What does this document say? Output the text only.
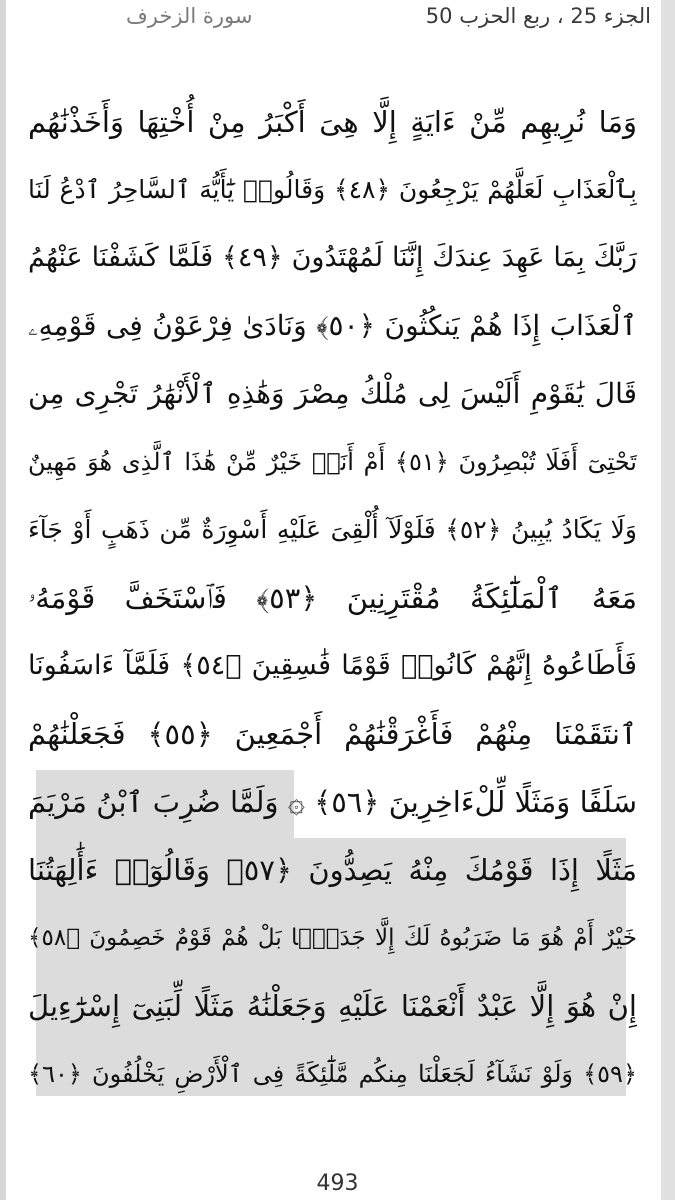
الجزء 25 ، ربع الحزب 50
سورة الزخرف
وَمَا نُرِيهِم مِّنْ ءَايَةٍ إِلَّا هِىَ أَكْبَرُ مِنْ أُخْتِهَا وَأَخَذْنَٰهُم
بِٱلْعَذَابِ لَعَلَّهُمْ يَرْجِعُونَ ﴿٤٨﴾ وَقَالُوا۟ يَٰٓأَيُّهَ ٱلسَّاحِرُ ٱدْعُ لَنَا
رَبَّكَ بِمَا عَهِدَ عِندَكَ إِنَّنَا لَمُهْتَدُونَ ﴿٤٩﴾ فَلَمَّا كَشَفْنَا عَنْهُمُ
ٱلْعَذَابَ إِذَا هُمْ يَنكُثُونَ ﴿٥٠﴾ وَنَادَىٰ فِرْعَوْنُ فِى قَوْمِهِۦ
قَالَ يَٰقَوْمِ أَلَيْسَ لِى مُلْكُ مِصْرَ وَهَٰذِهِ ٱلْأَنْهَٰرُ تَجْرِى مِن
تَحْتِىٓ أَفَلَا تُبْصِرُونَ ﴿٥١﴾ أَمْ أَنَا۠ خَيْرٌ مِّنْ هَٰذَا ٱلَّذِى هُوَ مَهِينٌ
وَلَا يَكَادُ يُبِينُ ﴿٥٢﴾ فَلَوْلَآ أُلْقِىَ عَلَيْهِ أَسْوِرَةٌ مِّن ذَهَبٍ أَوْ جَآءَ
مَعَهُ ٱلْمَلَٰٓئِكَةُ مُقْتَرِنِينَ ﴿٥٣﴾ فَٱسْتَخَفَّ قَوْمَهُۥ
فَأَطَاعُوهُ إِنَّهُمْ كَانُوا۟ قَوْمًا فَٰسِقِينَ ﴿٥٤﴾ فَلَمَّآ ءَاسَفُونَا
ٱنتَقَمْنَا مِنْهُمْ فَأَغْرَقْنَٰهُمْ أَجْمَعِينَ ﴿٥٥﴾ فَجَعَلْنَٰهُمْ
سَلَفًا وَمَثَلًا لِّلْءَاخِرِينَ ﴿٥٦﴾ ۞ وَلَمَّا ضُرِبَ ٱبْنُ مَرْيَمَ
مَثَلًا إِذَا قَوْمُكَ مِنْهُ يَصِدُّونَ ﴿٥٧﴾ وَقَالُوٓا۟ ءَأَٰلِهَتُنَا
خَيْرٌ أَمْ هُوَ مَا ضَرَبُوهُ لَكَ إِلَّا جَدَلًۢا بَلْ هُمْ قَوْمٌ خَصِمُونَ ﴿٥٨﴾
إِنْ هُوَ إِلَّا عَبْدٌ أَنْعَمْنَا عَلَيْهِ وَجَعَلْنَٰهُ مَثَلًا لِّبَنِىٓ إِسْرَٰٓءِيلَ
﴿٥٩﴾ وَلَوْ نَشَآءُ لَجَعَلْنَا مِنكُم مَّلَٰٓئِكَةً فِى ٱلْأَرْضِ يَخْلُفُونَ ﴿٦٠﴾
493
